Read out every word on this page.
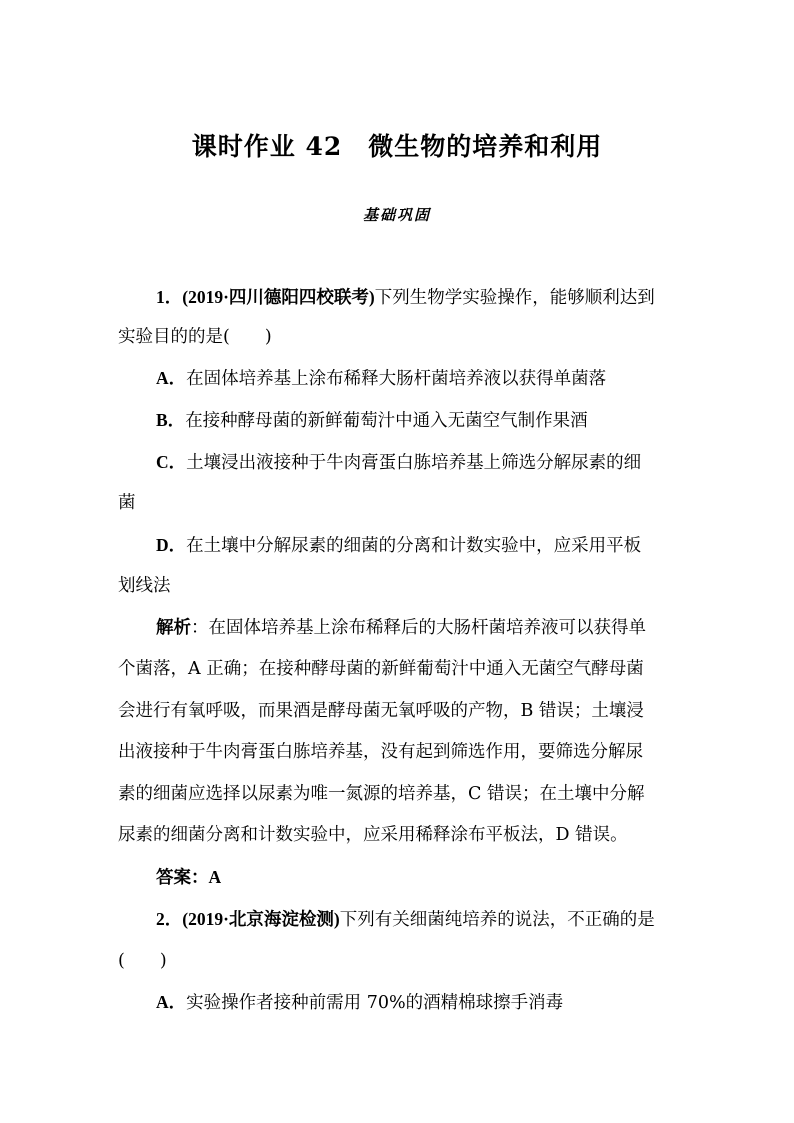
课时作业 42　微生物的培养和利用
基础巩固
1．(2019·四川德阳四校联考)下列生物学实验操作，能够顺利达到
实验目的的是(　　)
A．在固体培养基上涂布稀释大肠杆菌培养液以获得单菌落
B．在接种酵母菌的新鲜葡萄汁中通入无菌空气制作果酒
C．土壤浸出液接种于牛肉膏蛋白胨培养基上筛选分解尿素的细
菌
D．在土壤中分解尿素的细菌的分离和计数实验中，应采用平板
划线法
解析：在固体培养基上涂布稀释后的大肠杆菌培养液可以获得单
个菌落，A 正确；在接种酵母菌的新鲜葡萄汁中通入无菌空气酵母菌
会进行有氧呼吸，而果酒是酵母菌无氧呼吸的产物，B 错误；土壤浸
出液接种于牛肉膏蛋白胨培养基，没有起到筛选作用，要筛选分解尿
素的细菌应选择以尿素为唯一氮源的培养基，C 错误；在土壤中分解
尿素的细菌分离和计数实验中，应采用稀释涂布平板法，D 错误。
答案：A
2．(2019·北京海淀检测)下列有关细菌纯培养的说法，不正确的是
(　　)
A．实验操作者接种前需用 70%的酒精棉球擦手消毒
